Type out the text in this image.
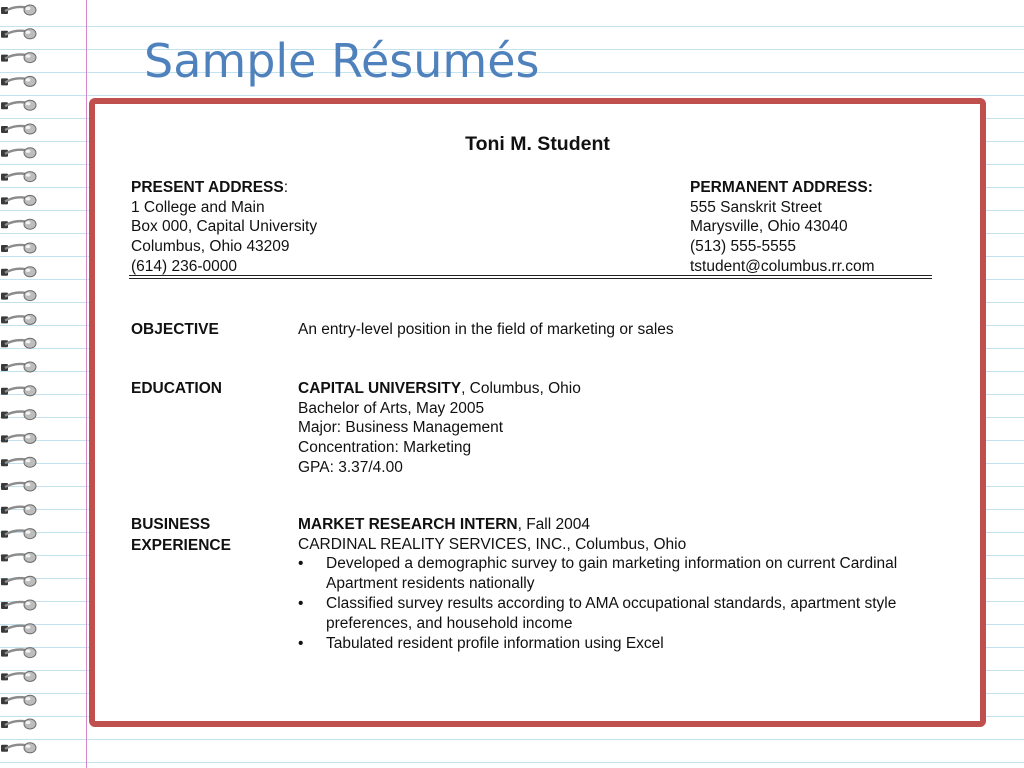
Sample Résumés
Toni M. Student
PRESENT ADDRESS:
1 College and Main
Box 000, Capital University
Columbus, Ohio 43209
(614) 236-0000
PERMANENT ADDRESS:
555 Sanskrit Street
Marysville, Ohio 43040
(513) 555-5555
tstudent@columbus.rr.com
OBJECTIVE	An entry-level position in the field of marketing or sales
EDUCATION	CAPITAL UNIVERSITY, Columbus, Ohio
Bachelor of Arts, May 2005
Major: Business Management
Concentration: Marketing
GPA: 3.37/4.00
BUSINESS
EXPERIENCE
MARKET RESEARCH INTERN, Fall 2004
CARDINAL REALITY SERVICES, INC., Columbus, Ohio
• Developed a demographic survey to gain marketing information on current Cardinal Apartment residents nationally
• Classified survey results according to AMA occupational standards, apartment style preferences, and household income
• Tabulated resident profile information using Excel
